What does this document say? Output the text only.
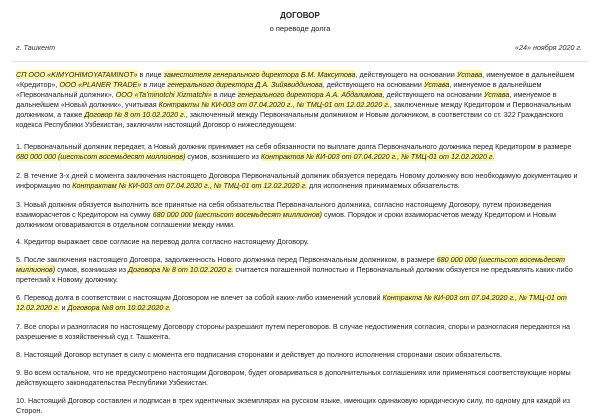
ДОГОВОР
о переводе долга
г. Ташкент	«24» ноября 2020 г.
СП ООО «KIMYOHIMOYATAMINOT» в лице заместителя генерального директора Б.М. Максутова, действующего на основании Устава, именуемое в дальнейшем «Кредитор», ООО «PLANER TRADE» в лице генерального директора Д.А. Зийявиддинова, действующего на основании Устава, именуемое в дальнейшем «Первоначальный должник», ООО «Ta’minotchi Xizmatchi» в лице генерального директора А.А. Абдалимова, действующего на основании Устава, именуемое в дальнейшем «Новый должник», учитывая Контракты № КИ-003 от 07.04.2020 г., № ТМЦ-01 от 12.02.2020 г., заключенные между Кредитором и Первоначальным должником, а также Договор № 8 от 10.02.2020 г., заключенный между Первоначальным должником и Новым должником, в соответствии со ст. 322 Гражданского кодекса Республики Узбекистан, заключили настоящий Договор о нижеследующем:
1. Первоначальный должник передает, а Новый должник принимает на себя обязанности по выплате долга Первоначального должника перед Кредитором в размере 680 000 000 (шестьсот восемьдесят миллионов) сумов, возникшего из Контрактов № КИ-003 от 07.04.2020 г., № ТМЦ-01 от 12.02.2020 г.
2. В течение 3-х дней с момента заключения настоящего Договора Первоначальный должник обязуется передать Новому должнику всю необходимую документацию и информацию по Контрактам № КИ-003 от 07.04.2020 г., № ТМЦ-01 от 12.02.2020 г. для исполнения принимаемых обязательств.
3. Новый должник обязуется выполнить все принятые на себя обязательства Первоначального должника, согласно настоящему Договору, путем произведения взаиморасчетов с Кредитором на сумму 680 000 000 (шестьсот восемьдесят миллионов) сумов. Порядок и сроки взаиморасчетов между Кредитором и Новым должником оговариваются в отдельном соглашении между ними.
4. Кредитор выражает свое согласие на перевод долга согласно настоящему Договору.
5. После заключения настоящего Договора, задолженность Нового должника перед Первоначальным должником, в размере 680 000 000 (шестьсот восемьдесят миллионов) сумов, возникшая из Договора № 8 от 10.02.2020 г. считается погашенной полностью и Первоначальный должник обязуется не предъявлять каких-либо претензий к Новому должнику.
6. Перевод долга в соответствии с настоящим Договором не влечет за собой каких-либо изменений условий Контракта № КИ-003 от 07.04.2020 г., № ТМЦ-01 от 12.02.2020 г. и Договора №8 от 10.02.2020 г.
7. Все споры и разногласия по настоящему Договору стороны разрешают путем переговоров. В случае недостижения согласия, споры и разногласия передаются на разрешение в хозяйственный суд г. Ташкента.
8. Настоящий Договор вступает в силу с момента его подписания сторонами и действует до полного исполнения сторонами своих обязательств.
9. Во всем остальном, что не предусмотрено настоящим Договором, будет оговариваться в дополнительных соглашениях или применяться соответствующие нормы действующего законодательства Республики Узбекистан.
10. Настоящий Договор составлен и подписан в трех идентичных экземплярах на русском языке, имеющих одинаковую юридическую силу, по одному для каждой из Сторон.
